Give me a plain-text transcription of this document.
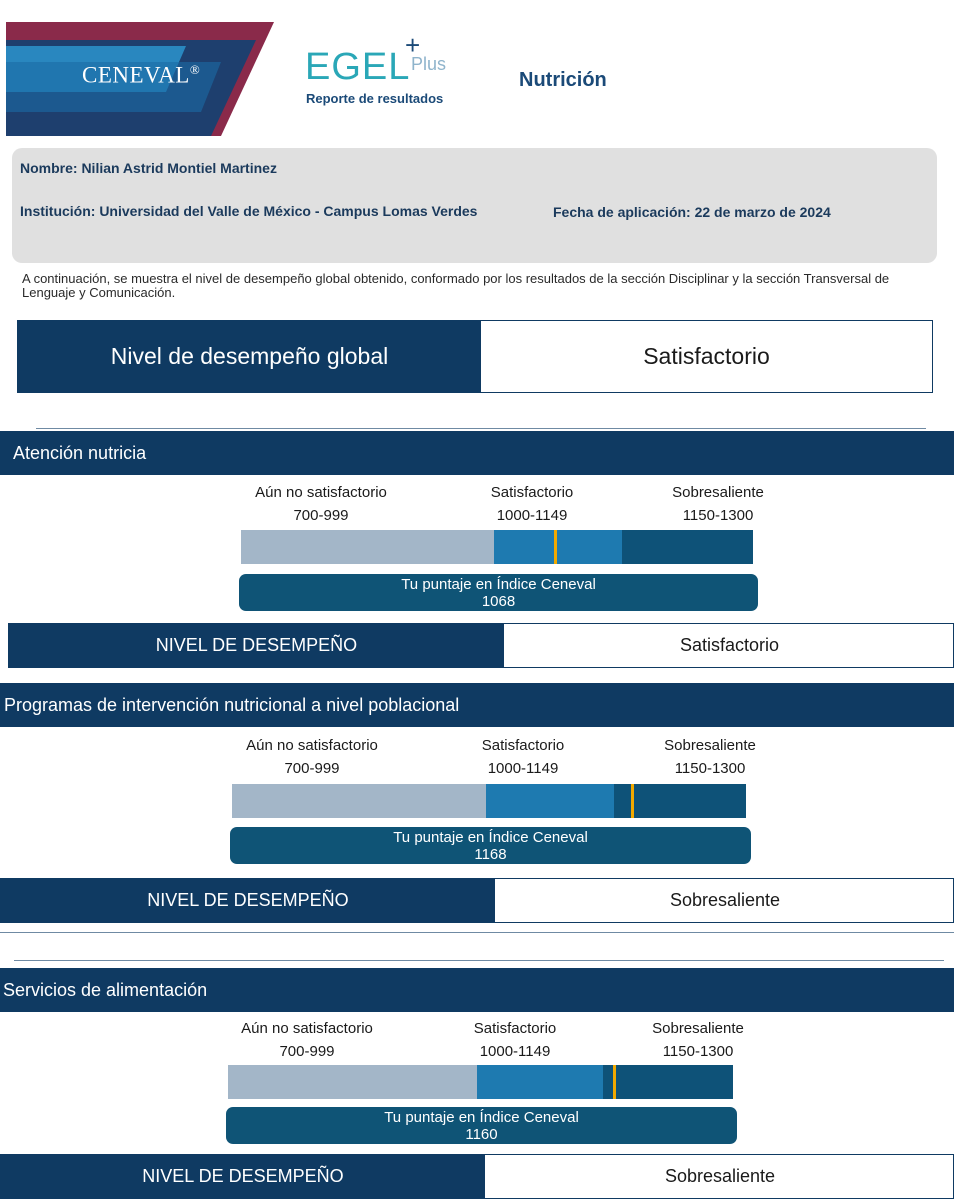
CENEVAL®	EGEL
+
Plus
Reporte de resultados
Nutrición
Nombre: Nilian Astrid Montiel Martinez
Institución: Universidad del Valle de México - Campus Lomas Verdes	Fecha de aplicación: 22 de marzo de 2024
A continuación, se muestra el nivel de desempeño global obtenido, conformado por los resultados de la sección Disciplinar y la sección Transversal de Lenguaje y Comunicación.
Nivel de desempeño global	Satisfactorio
Atención nutricia
Aún no satisfactorio
700-999
Satisfactorio
1000-1149
Sobresaliente
1150-1300
Tu puntaje en Índice Ceneval
1068
NIVEL DE DESEMPEÑO	Satisfactorio
Programas de intervención nutricional a nivel poblacional
Aún no satisfactorio
700-999
Satisfactorio
1000-1149
Sobresaliente
1150-1300
Tu puntaje en Índice Ceneval
1168
NIVEL DE DESEMPEÑO	Sobresaliente
Servicios de alimentación
Aún no satisfactorio
700-999
Satisfactorio
1000-1149
Sobresaliente
1150-1300
Tu puntaje en Índice Ceneval
1160
NIVEL DE DESEMPEÑO	Sobresaliente
